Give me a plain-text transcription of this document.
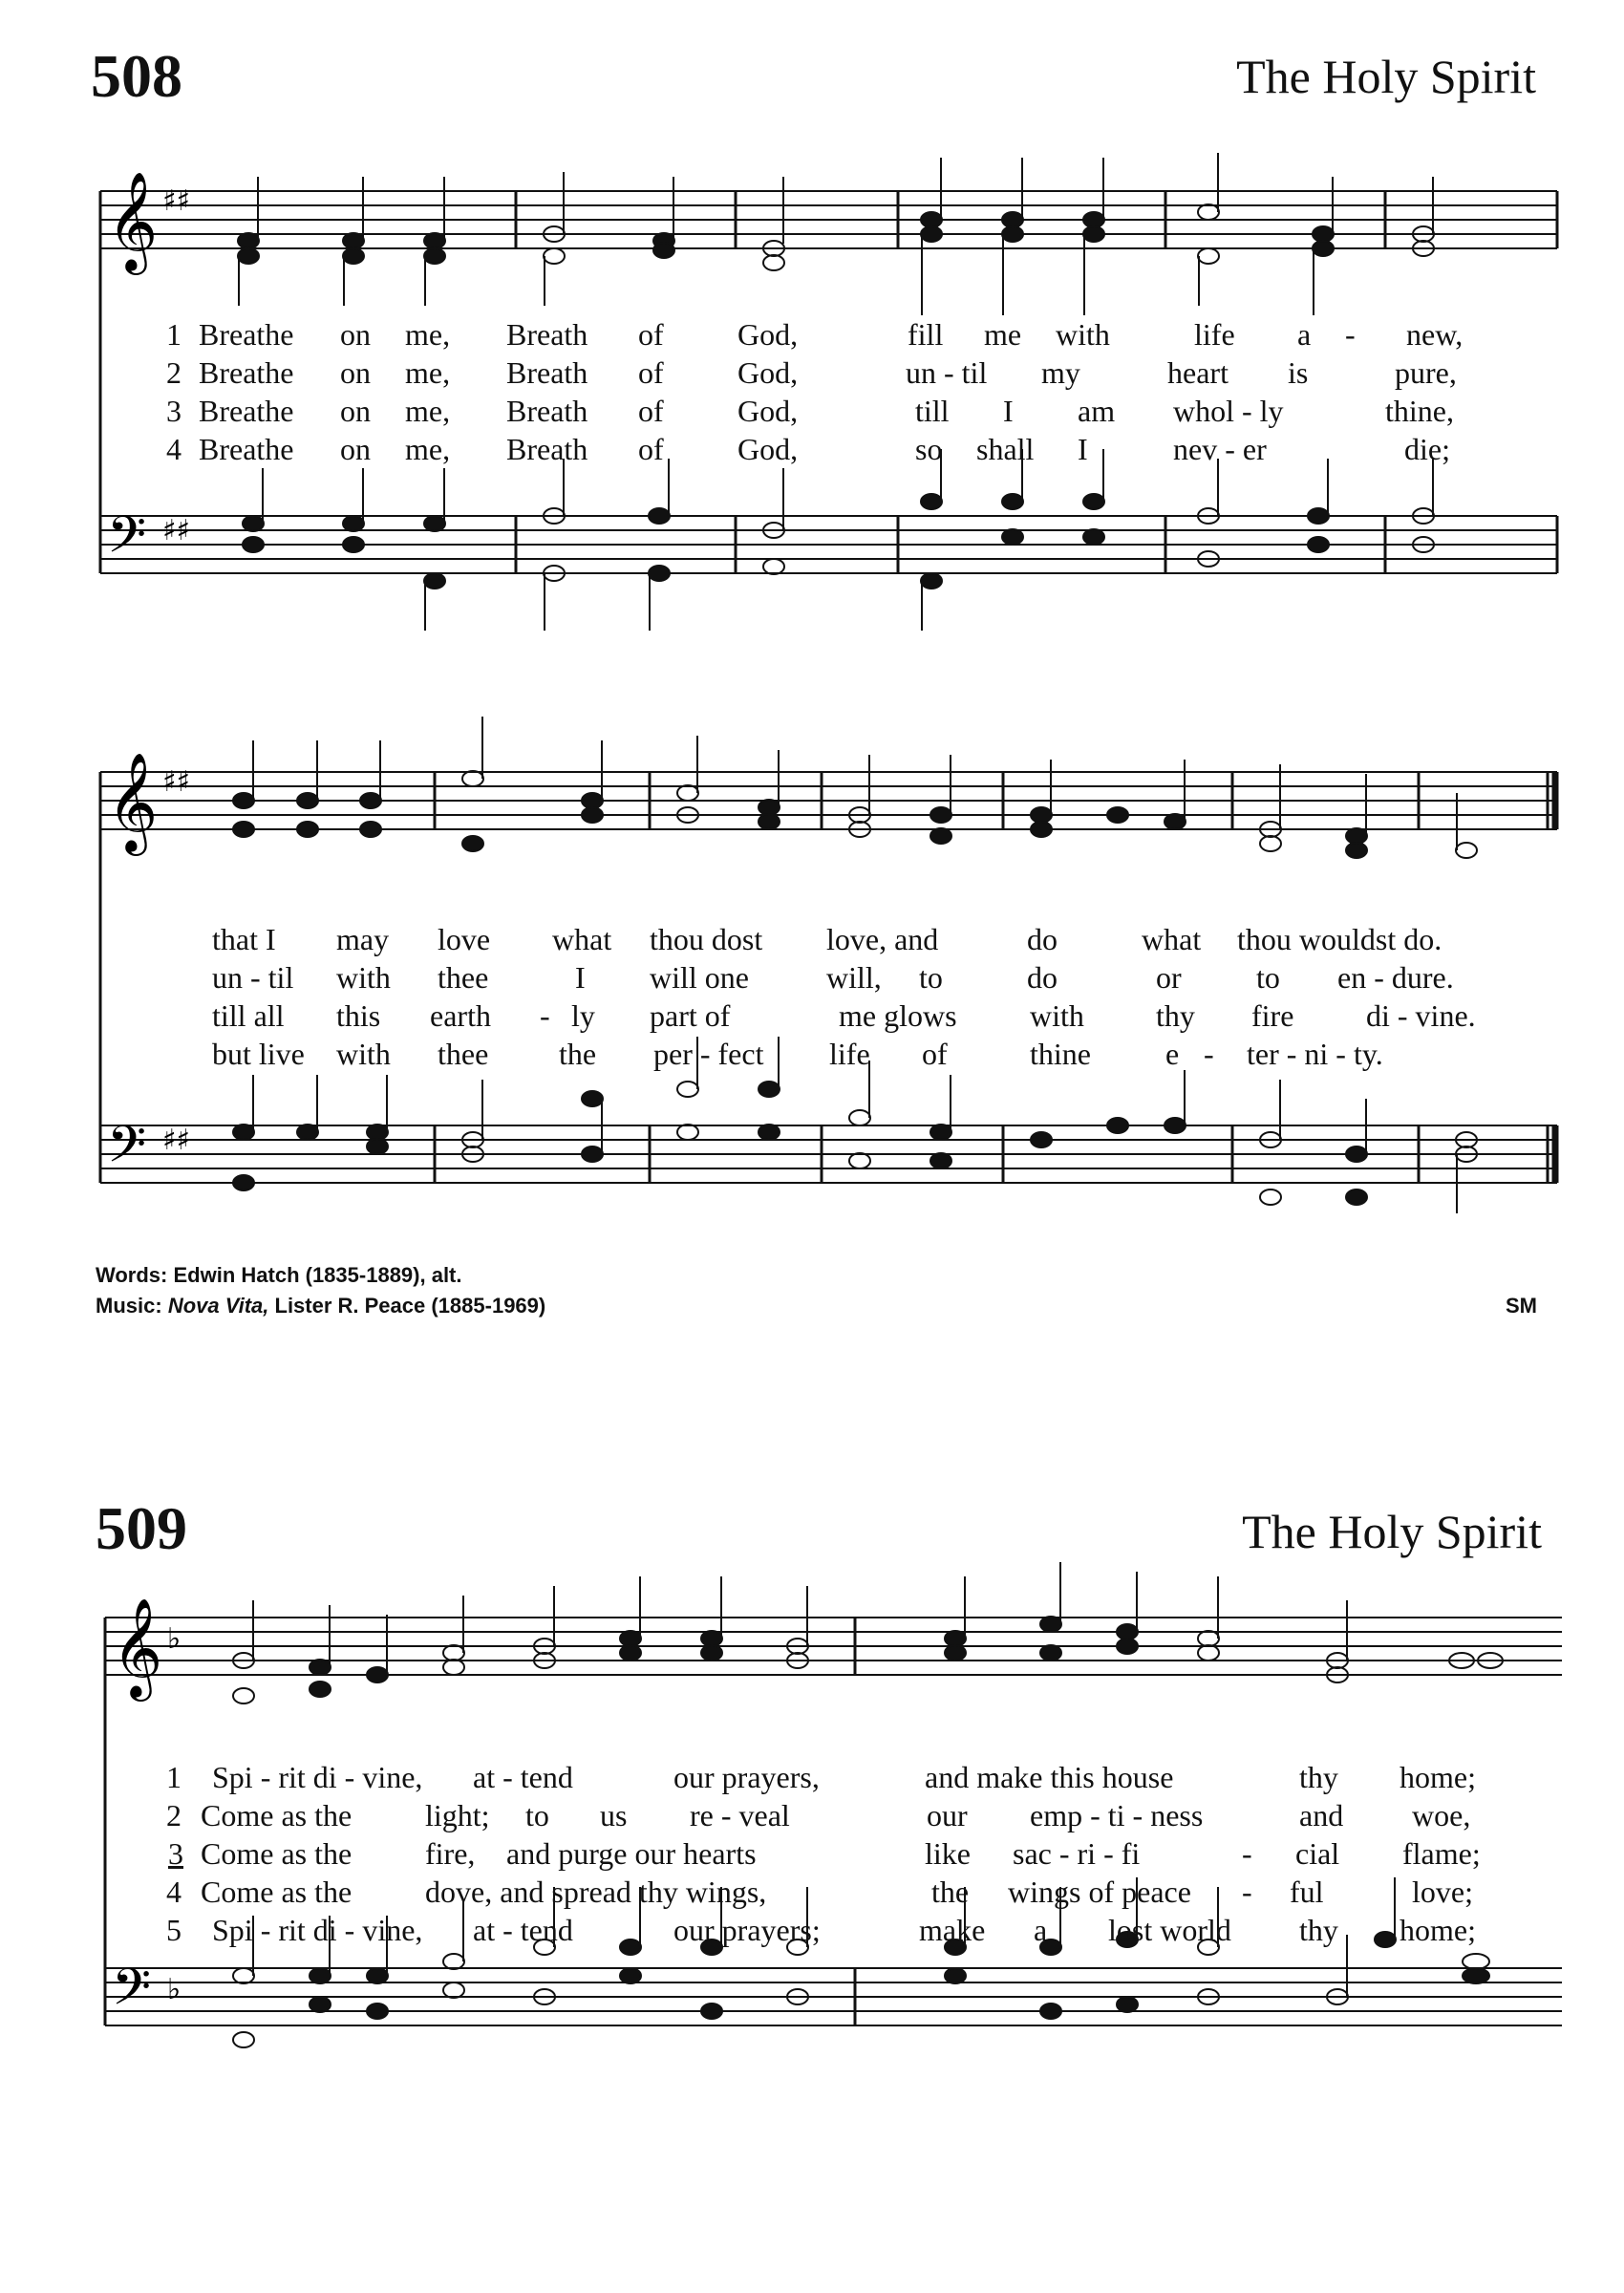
508	The Holy Spirit
𝄞
𝄢
♯♯
♯♯
𝄞
𝄢
♯♯
♯♯
𝄞
𝄢
♭
♭
1 Breathe on me, Breath of God,	fill me with	life a - new,
2 Breathe on me, Breath of God,	un - til my	heart is	pure,
3 Breathe on me, Breath of God,	till I am whol - ly	thine,
4 Breathe on me, Breath of God,	so shall I	nev - er	die;
that I may love what thou dost love, and	do	what thou wouldst do.
un - til with thee	I will one	will, to	do	or to en - dure.
till all this earth - ly part of	me glows with thy fire di - vine.
but live with thee the per - fect life of	thine e - ter - ni - ty.
Words: Edwin Hatch (1835-1889), alt.
Music: Nova Vita, Lister R. Peace (1885-1969)	SM
509	The Holy Spirit
1 Spi - rit di - vine, at - tend	our prayers,	and make this house	thy home;
2 Come as the light; to us re - veal	our emp - ti - ness	and woe,
3 Come as the fire, and purge our hearts	like sac - ri - fi	- cial flame;
4 Come as the dove, and spread thy wings,	the wings of peace - ful	love;
5 Spi - rit di - vine, at - tend	our prayers;	make a lost world thy home;
